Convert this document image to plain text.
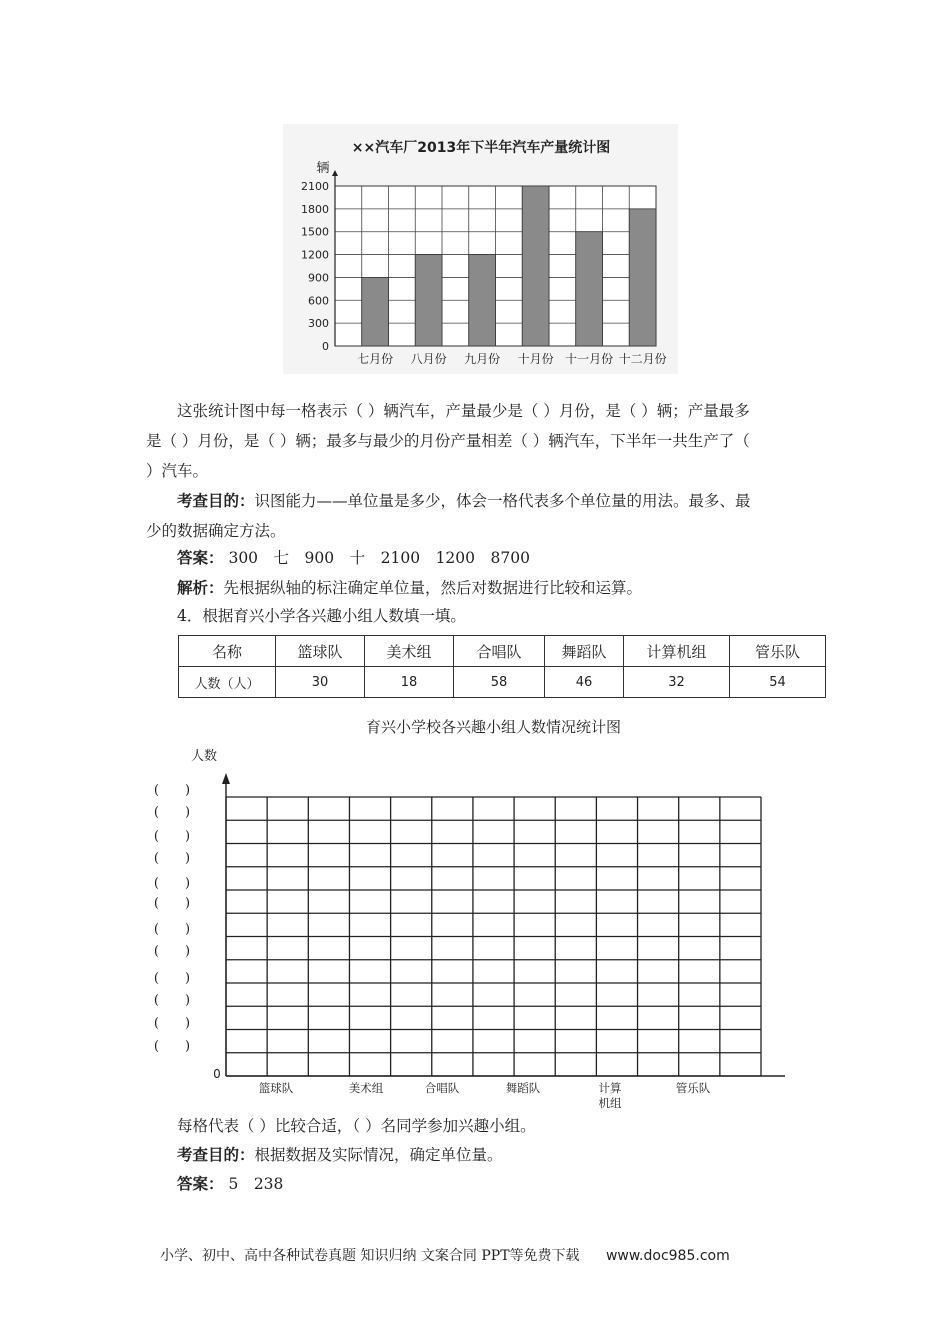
××汽车厂2013年下半年汽车产量统计图
辆
2100
1800
1500
1200
900
600
300
0
七月份 八月份 九月份 十月份 十一月份 十二月份
这张统计图中每一格表示（ ）辆汽车，产量最少是（ ）月份，是（ ）辆；产量最多
是（ ）月份，是（ ）辆；最多与最少的月份产量相差（ ）辆汽车，下半年一共生产了（
）汽车。
考查目的：识图能力——单位量是多少，体会一格代表多个单位量的用法。最多、最
少的数据确定方法。
答案： 300　七　900　十　2100　1200　8700
解析：先根据纵轴的标注确定单位量，然后对数据进行比较和运算。
4．根据育兴小学各兴趣小组人数填一填。
名称	篮球队	美术组	合唱队	舞蹈队	计算机组	管乐队
人数（人）	30	18	58	46	32	54
人数
(　　)
(　　)
(　　)
(　　)
(　　)
(　　)
(　　)
(　　)
(　　)
(　　)
(　　)
(　　)
篮球队	美术组	合唱队	舞蹈队	计算
机组
管乐队
0
育兴小学校各兴趣小组人数情况统计图
每格代表（ ）比较合适，（ ）名同学参加兴趣小组。
考查目的：根据数据及实际情况，确定单位量。
答案： 5　238
小学、初中、高中各种试卷真题 知识归纳 文案合同 PPT等免费下载 www.doc985.com
